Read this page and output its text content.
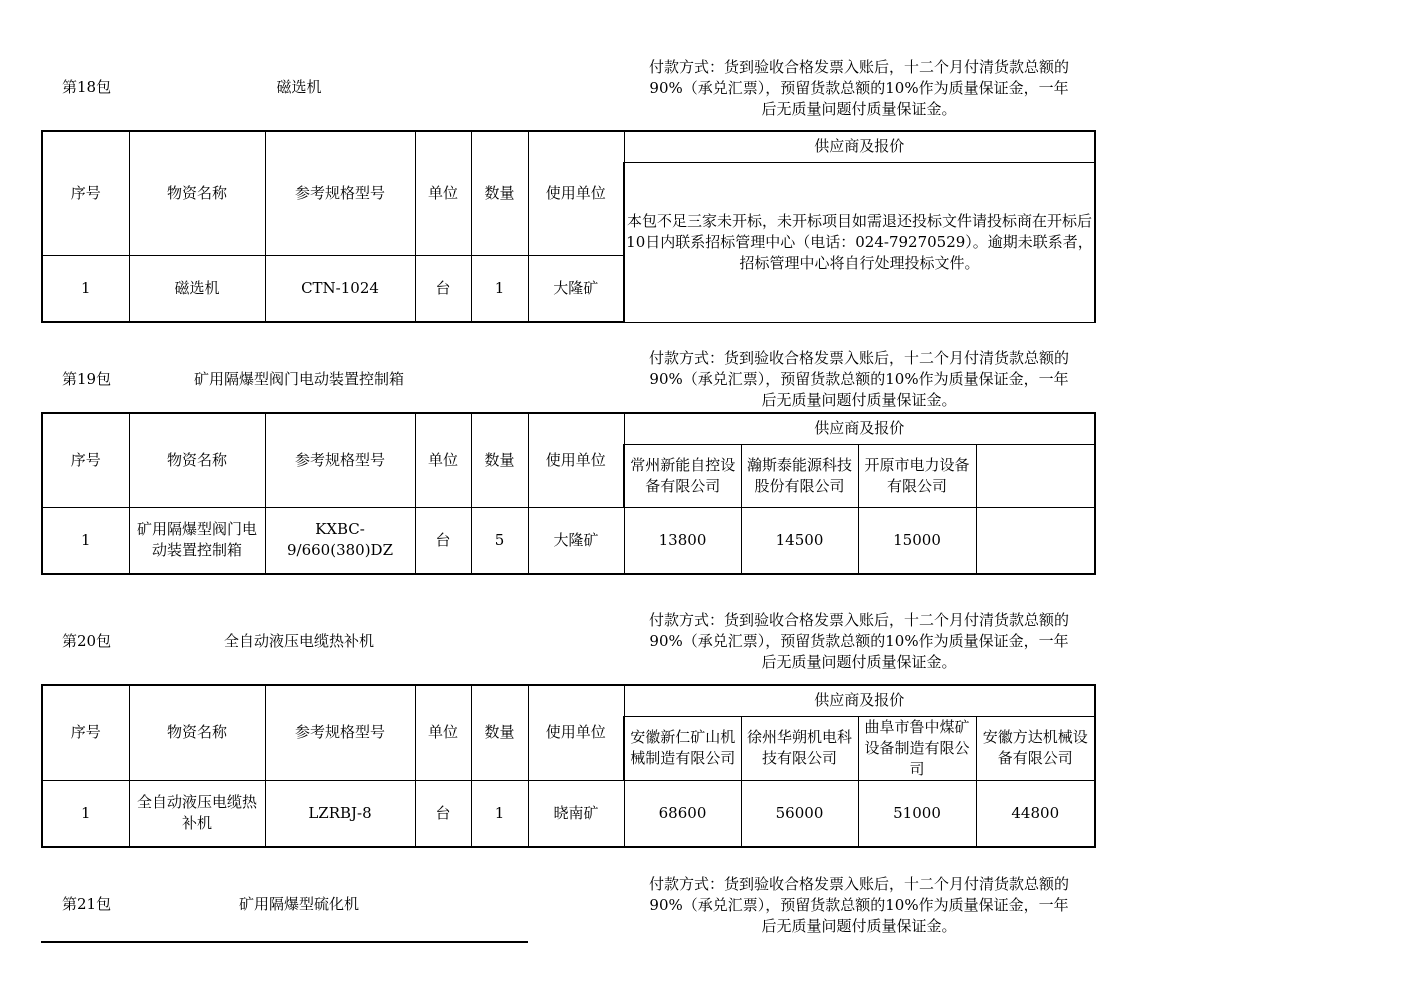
付款方式：货到验收合格发票入账后，十二个月付清货款总额的
90%（承兑汇票），预留货款总额的10%作为质量保证金，一年
后无质量问题付质量保证金。
第18包	磁选机
序号	物资名称	参考规格型号	单位	数量	使用单位	供应商及报价
						本包不足三家未开标，未开标项目如需退还投标文件请投标商在开标后10日内联系招标管理中心（电话：024-79270529）。逾期未联系者，招标管理中心将自行处理投标文件。
1	磁选机	CTN-1024	台	1	大隆矿	
付款方式：货到验收合格发票入账后，十二个月付清货款总额的
90%（承兑汇票），预留货款总额的10%作为质量保证金，一年
后无质量问题付质量保证金。
第19包	矿用隔爆型阀门电动装置控制箱
序号	物资名称	参考规格型号	单位	数量	使用单位	供应商及报价			
						常州新能自控设备有限公司	瀚斯泰能源科技股份有限公司	开原市电力设备有限公司	
1	矿用隔爆型阀门电动装置控制箱	KXBC-9/660(380)DZ	台	5	大隆矿	13800	14500	15000	
付款方式：货到验收合格发票入账后，十二个月付清货款总额的
90%（承兑汇票），预留货款总额的10%作为质量保证金，一年
后无质量问题付质量保证金。
第20包	全自动液压电缆热补机
序号	物资名称	参考规格型号	单位	数量	使用单位	供应商及报价			
						安徽新仁矿山机械制造有限公司	徐州华朔机电科技有限公司	曲阜市鲁中煤矿设备制造有限公司	安徽方达机械设备有限公司
1	全自动液压电缆热补机	LZRBJ-8	台	1	晓南矿	68600	56000	51000	44800
付款方式：货到验收合格发票入账后，十二个月付清货款总额的
90%（承兑汇票），预留货款总额的10%作为质量保证金，一年
后无质量问题付质量保证金。
第21包	矿用隔爆型硫化机
